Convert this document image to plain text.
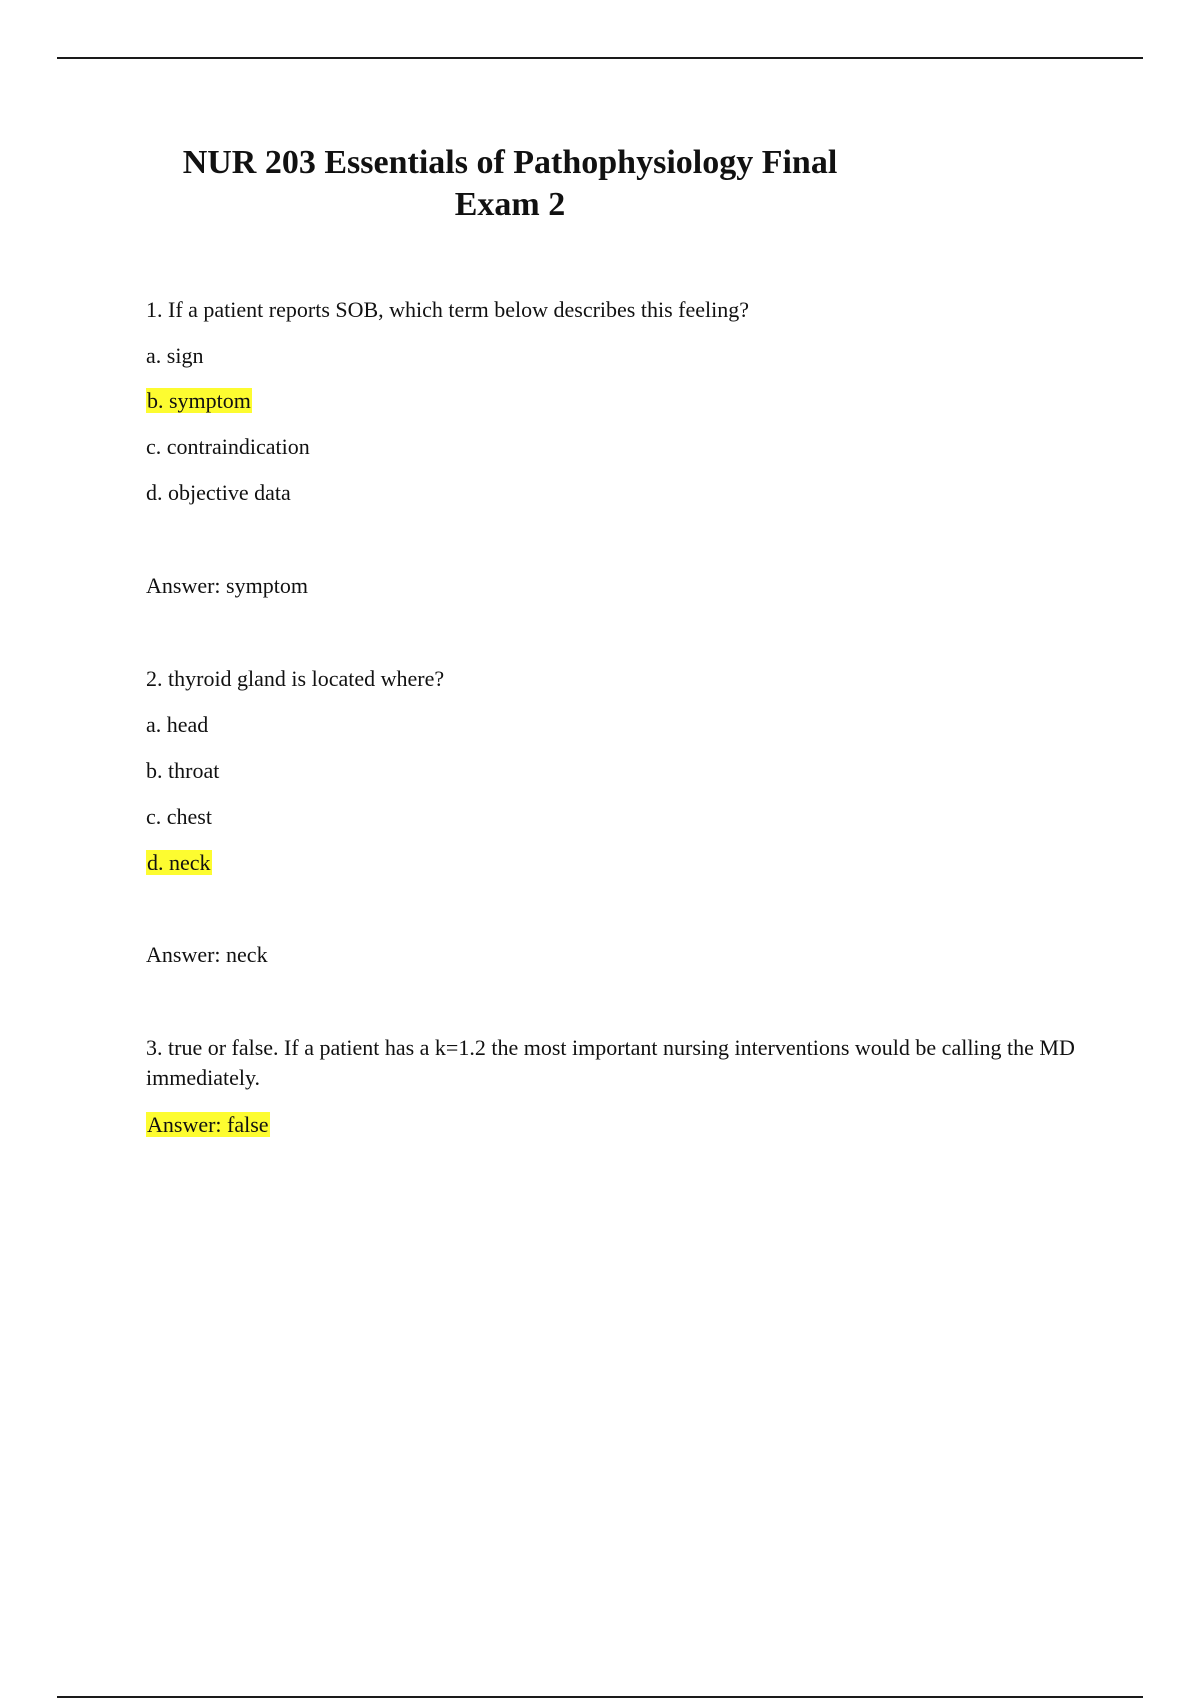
NUR 203 Essentials of Pathophysiology Final
Exam 2
1. If a patient reports SOB, which term below describes this feeling?
a. sign
b. symptom
c. contraindication
d. objective data
Answer: symptom
2. thyroid gland is located where?
a. head
b. throat
c. chest
d. neck
Answer: neck
3. true or false. If a patient has a k=1.2 the most important nursing interventions would be calling the MD immediately.
Answer: false
